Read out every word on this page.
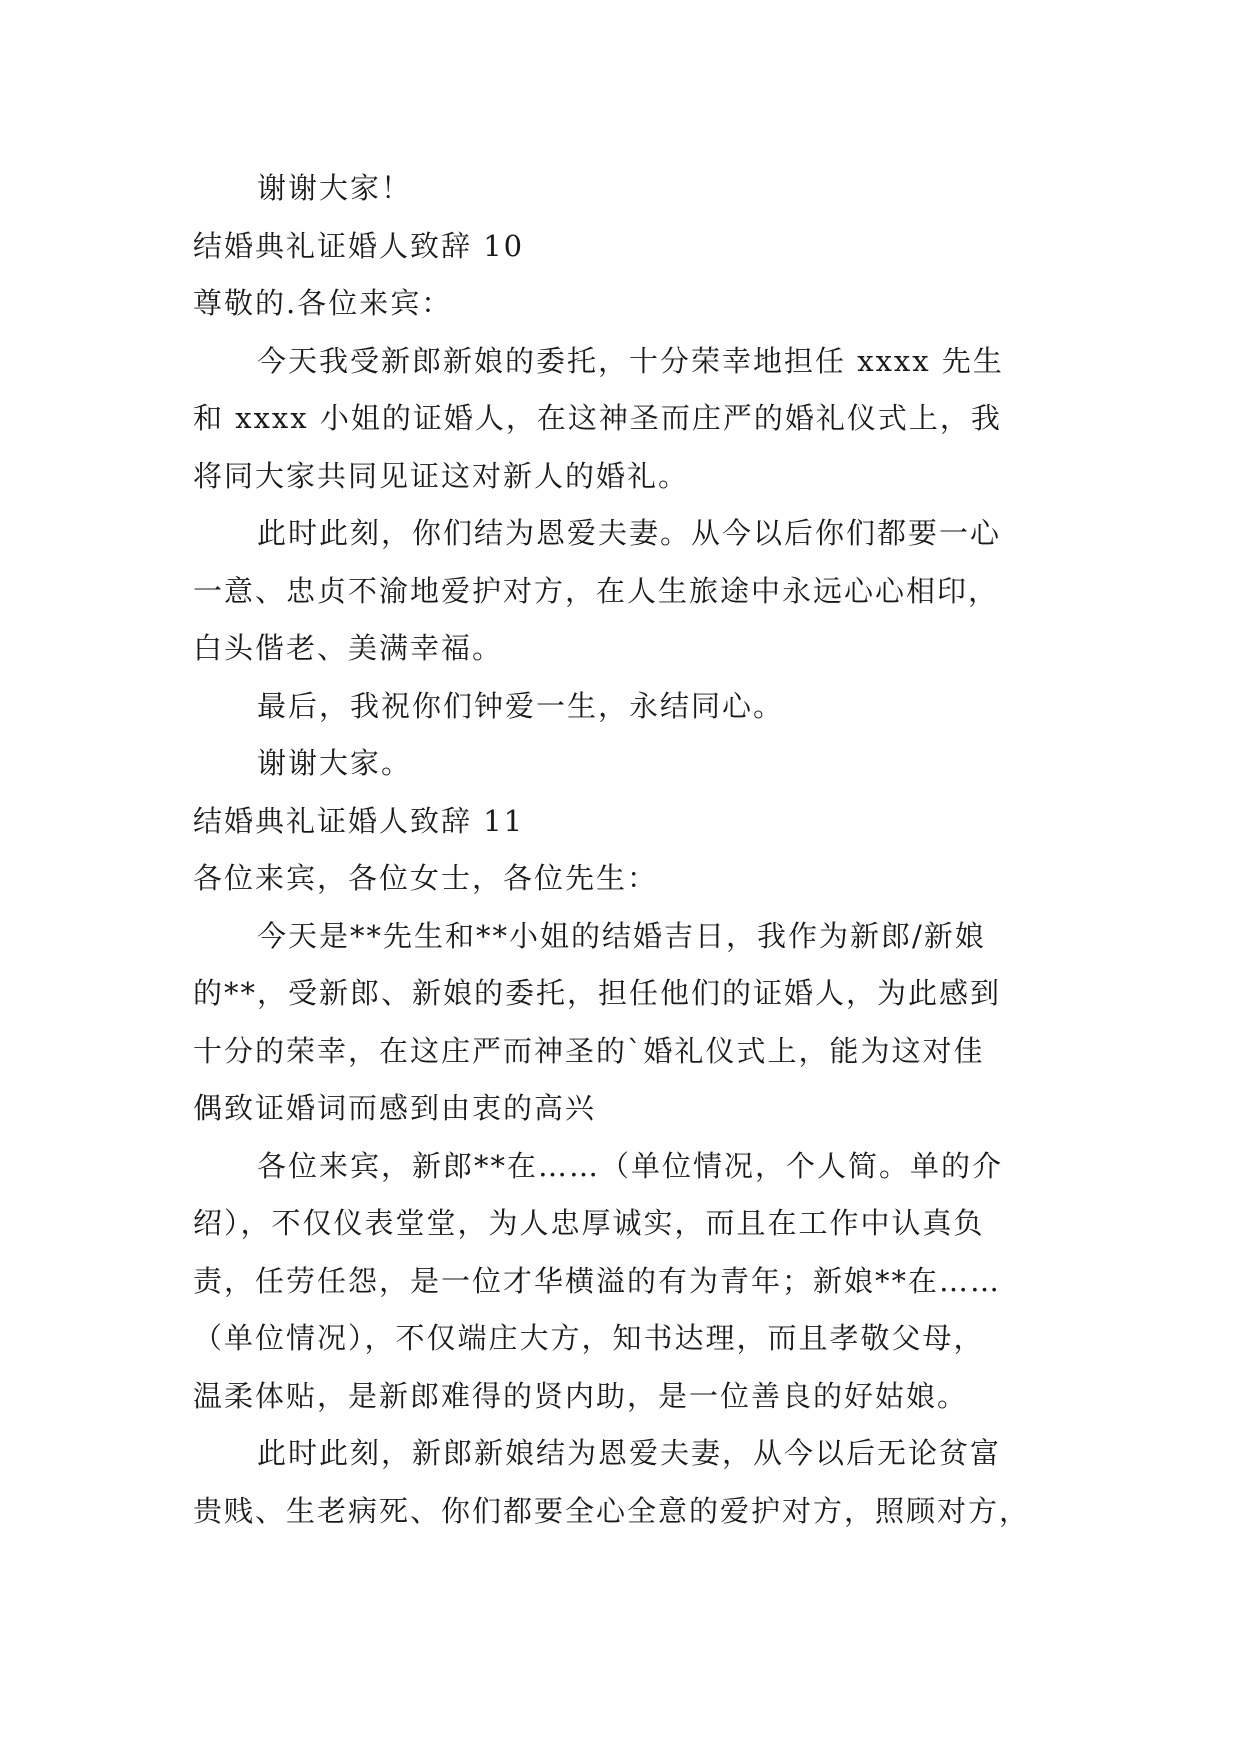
谢谢大家！

结婚典礼证婚人致辞 10

尊敬的.各位来宾：

今天我受新郎新娘的委托，十分荣幸地担任 xxxx 先生

和 xxxx 小姐的证婚人，在这神圣而庄严的婚礼仪式上，我

将同大家共同见证这对新人的婚礼。

此时此刻，你们结为恩爱夫妻。从今以后你们都要一心

一意、忠贞不渝地爱护对方，在人生旅途中永远心心相印，

白头偕老、美满幸福。

最后，我祝你们钟爱一生，永结同心。

谢谢大家。

结婚典礼证婚人致辞 11

各位来宾，各位女士，各位先生：

今天是**先生和**小姐的结婚吉日，我作为新郎/新娘

的**，受新郎、新娘的委托，担任他们的证婚人，为此感到

十分的荣幸，在这庄严而神圣的`婚礼仪式上，能为这对佳

偶致证婚词而感到由衷的高兴

各位来宾，新郎**在……（单位情况，个人简。单的介

绍），不仅仪表堂堂，为人忠厚诚实，而且在工作中认真负

责，任劳任怨，是一位才华横溢的有为青年；新娘**在……

（单位情况），不仅端庄大方，知书达理，而且孝敬父母，

温柔体贴，是新郎难得的贤内助，是一位善良的好姑娘。

此时此刻，新郎新娘结为恩爱夫妻，从今以后无论贫富

贵贱、生老病死、你们都要全心全意的爱护对方，照顾对方，
